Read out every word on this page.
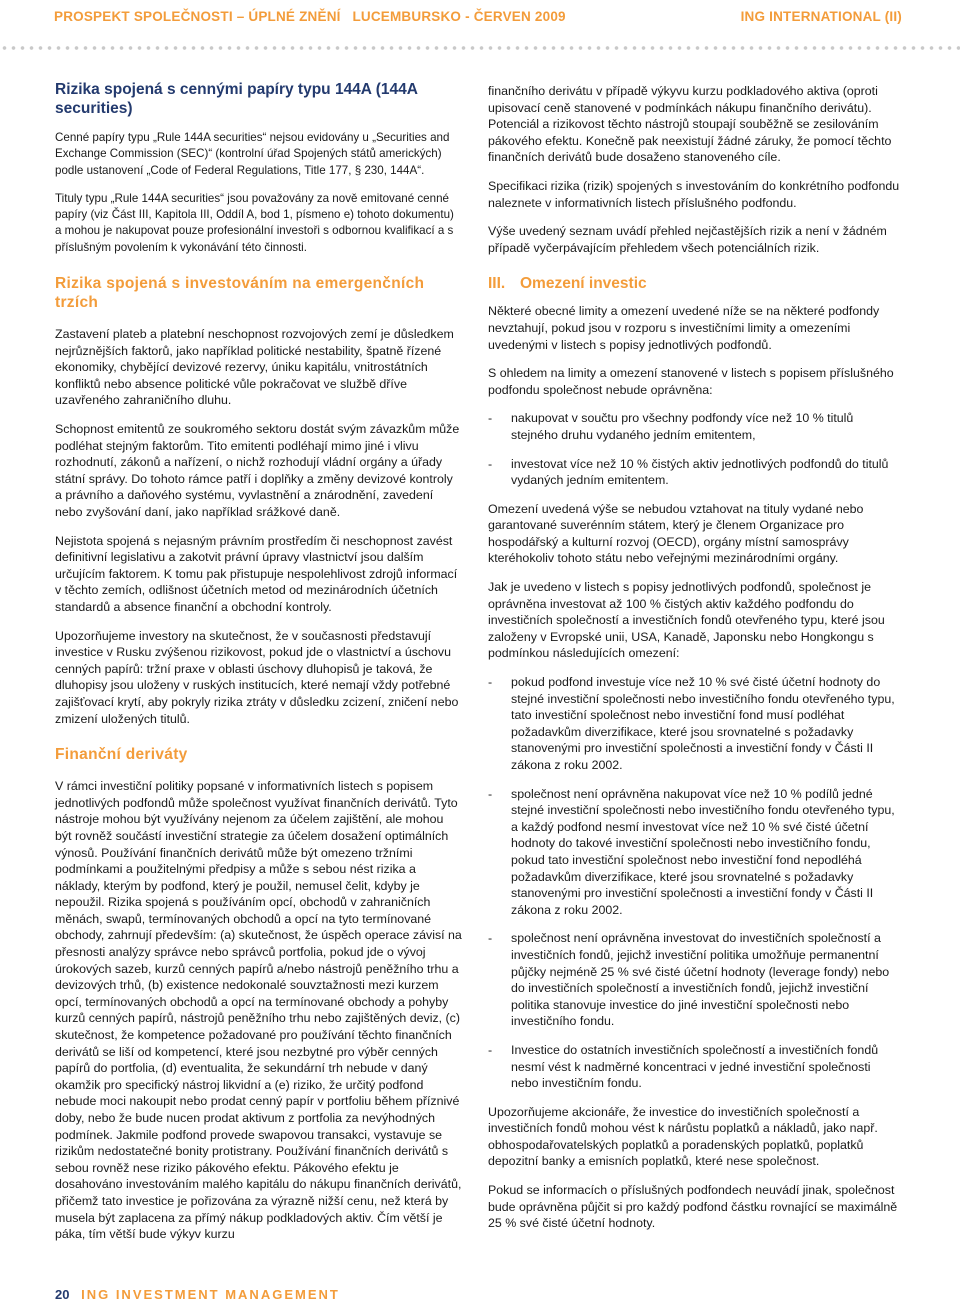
PROSPEKT SPOLEČNOSTI – ÚPLNÉ ZNĚNÍ   LUCEMBURSKO - ČERVEN 2009	ING INTERNATIONAL (II)
Rizika spojená s cennými papíry typu 144A (144A securities)

Cenné papíry typu „Rule 144A securities“ nejsou evidovány u „Securities and Exchange Commission (SEC)“ (kontrolní úřad Spojených států amerických) podle ustanovení „Code of Federal Regulations, Title 177, § 230, 144A“.

Tituly typu „Rule 144A securities“ jsou považovány za nově emitované cenné papíry (viz Část III, Kapitola III, Oddíl A, bod 1, písmeno e) tohoto dokumentu) a mohou je nakupovat pouze profesionální investoři s odbornou kvalifikací a s příslušným povolením k vykonávání této činnosti.

Rizika spojená s investováním na emergenčních trzích

Zastavení plateb a platební neschopnost rozvojových zemí je důsledkem nejrůznějších faktorů, jako například politické nestability, špatně řízené ekonomiky, chybějící devizové rezervy, úniku kapitálu, vnitrostátních konfliktů nebo absence politické vůle pokračovat ve službě dříve uzavřeného zahraničního dluhu.

Schopnost emitentů ze soukromého sektoru dostát svým závazkům může podléhat stejným faktorům. Tito emitenti podléhají mimo jiné i vlivu rozhodnutí, zákonů a nařízení, o nichž rozhodují vládní orgány a úřady státní správy. Do tohoto rámce patří i doplňky a změny devizové kontroly a právního a daňového systému, vyvlastnění a znárodnění, zavedení nebo zvyšování daní, jako například srážkové daně.

Nejistota spojená s nejasným právním prostředím či neschopnost zavést definitivní legislativu a zakotvit právní úpravy vlastnictví jsou dalším určujícím faktorem. K tomu pak přistupuje nespolehlivost zdrojů informací v těchto zemích, odlišnost účetních metod od mezinárodních účetních standardů a absence finanční a obchodní kontroly.

Upozorňujeme investory na skutečnost, že v současnosti představují investice v Rusku zvýšenou rizikovost, pokud jde o vlastnictví a úschovu cenných papírů: tržní praxe v oblasti úschovy dluhopisů je taková, že dluhopisy jsou uloženy v ruských institucích, které nemají vždy potřebné zajišťovací krytí, aby pokryly rizika ztráty v důsledku zcizení, zničení nebo zmizení uložených titulů.

Finanční deriváty

V rámci investiční politiky popsané v informativních listech s popisem jednotlivých podfondů může společnost využívat finančních derivátů. Tyto nástroje mohou být využívány nejenom za účelem zajištění, ale mohou být rovněž součástí investiční strategie za účelem dosažení optimálních výnosů. Používání finančních derivátů může být omezeno tržními podmínkami a použitelnými předpisy a může s sebou nést rizika a náklady, kterým by podfond, který je použil, nemusel čelit, kdyby je nepoužil. Rizika spojená s používáním opcí, obchodů v zahraničních měnách, swapů, termínovaných obchodů a opcí na tyto termínované obchody, zahrnují především: (a) skutečnost, že úspěch operace závisí na přesnosti analýzy správce nebo správců portfolia, pokud jde o vývoj úrokových sazeb, kurzů cenných papírů a/nebo nástrojů peněžního trhu a devizových trhů, (b) existence nedokonalé souvztažnosti mezi kurzem opcí, termínovaných obchodů a opcí na termínované obchody a pohyby kurzů cenných papírů, nástrojů peněžního trhu nebo zajištěných deviz, (c) skutečnost, že kompetence požadované pro používání těchto finančních derivátů se liší od kompetencí, které jsou nezbytné pro výběr cenných papírů do portfolia, (d) eventualita, že sekundární trh nebude v daný okamžik pro specifický nástroj likvidní a (e) riziko, že určitý podfond nebude moci nakoupit nebo prodat cenný papír v portfoliu během příznivé doby, nebo že bude nucen prodat aktivum z portfolia za nevýhodných podmínek. Jakmile podfond provede swapovou transakci, vystavuje se rizikům nedostatečné bonity protistrany. Používání finančních derivátů s sebou rovněž nese riziko pákového efektu. Pákového efektu je dosahováno investováním malého kapitálu do nákupu finančních derivátů, přičemž tato investice je pořizována za výrazně nižší cenu, než která by musela být zaplacena za přímý nákup podkladových aktiv. Čím větší je páka, tím větší bude výkyv kurzu

finančního derivátu v případě výkyvu kurzu podkladového aktiva (oproti upisovací ceně stanovené v podmínkách nákupu finančního derivátu). Potenciál a rizikovost těchto nástrojů stoupají souběžně se zesilováním pákového efektu. Konečně pak neexistují žádné záruky, že pomocí těchto finančních derivátů bude dosaženo stanoveného cíle.

Specifikaci rizika (rizik) spojených s investováním do konkrétního podfondu naleznete v informativních listech příslušného podfondu.

Výše uvedený seznam uvádí přehled nejčastějších rizik a není v žádném případě vyčerpávajícím přehledem všech potenciálních rizik.

III. Omezení investic

Některé obecné limity a omezení uvedené níže se na některé podfondy nevztahují, pokud jsou v rozporu s investičními limity a omezeními uvedenými v listech s popisy jednotlivých podfondů.

S ohledem na limity a omezení stanovené v listech s popisem příslušného podfondu společnost nebude oprávněna:

- nakupovat v součtu pro všechny podfondy více než 10 % titulů stejného druhu vydaného jedním emitentem,
- investovat více než 10 % čistých aktiv jednotlivých podfondů do titulů vydaných jedním emitentem.

Omezení uvedená výše se nebudou vztahovat na tituly vydané nebo garantované suverénním státem, který je členem Organizace pro hospodářský a kulturní rozvoj (OECD), orgány místní samosprávy kteréhokoliv tohoto státu nebo veřejnými mezinárodními orgány.

Jak je uvedeno v listech s popisy jednotlivých podfondů, společnost je oprávněna investovat až 100 % čistých aktiv každého podfondu do investičních společností a investičních fondů otevřeného typu, které jsou založeny v Evropské unii, USA, Kanadě, Japonsku nebo Hongkongu s podmínkou následujících omezení:

- pokud podfond investuje více než 10 % své čisté účetní hodnoty do stejné investiční společnosti nebo investičního fondu otevřeného typu, tato investiční společnost nebo investiční fond musí podléhat požadavkům diverzifikace, které jsou srovnatelné s požadavky stanovenými pro investiční společnosti a investiční fondy v Části II zákona z roku 2002.
- společnost není oprávněna nakupovat více než 10 % podílů jedné stejné investiční společnosti nebo investičního fondu otevřeného typu, a každý podfond nesmí investovat více než 10 % své čisté účetní hodnoty do takové investiční společnosti nebo investičního fondu, pokud tato investiční společnost nebo investiční fond nepodléhá požadavkům diverzifikace, které jsou srovnatelné s požadavky stanovenými pro investiční společnosti a investiční fondy v Části II zákona z roku 2002.
- společnost není oprávněna investovat do investičních společností a investičních fondů, jejichž investiční politika umožňuje permanentní půjčky nejméně 25 % své čisté účetní hodnoty (leverage fondy) nebo do investičních společností a investičních fondů, jejichž investiční politika stanovuje investice do jiné investiční společnosti nebo investičního fondu.
- Investice do ostatních investičních společností a investičních fondů nesmí vést k nadměrné koncentraci v jedné investiční společnosti nebo investičním fondu.

Upozorňujeme akcionáře, že investice do investičních společností a investičních fondů mohou vést k nárůstu poplatků a nákladů, jako např. obhospodařovatelských poplatků a poradenských poplatků, poplatků depozitní banky a emisních poplatků, které nese společnost.

Pokud se informacích o příslušných podfondech neuvádí jinak, společnost bude oprávněna půjčit si pro každý podfond částku rovnající se maximálně 25 % své čisté účetní hodnoty.

20 ING INVESTMENT MANAGEMENT
